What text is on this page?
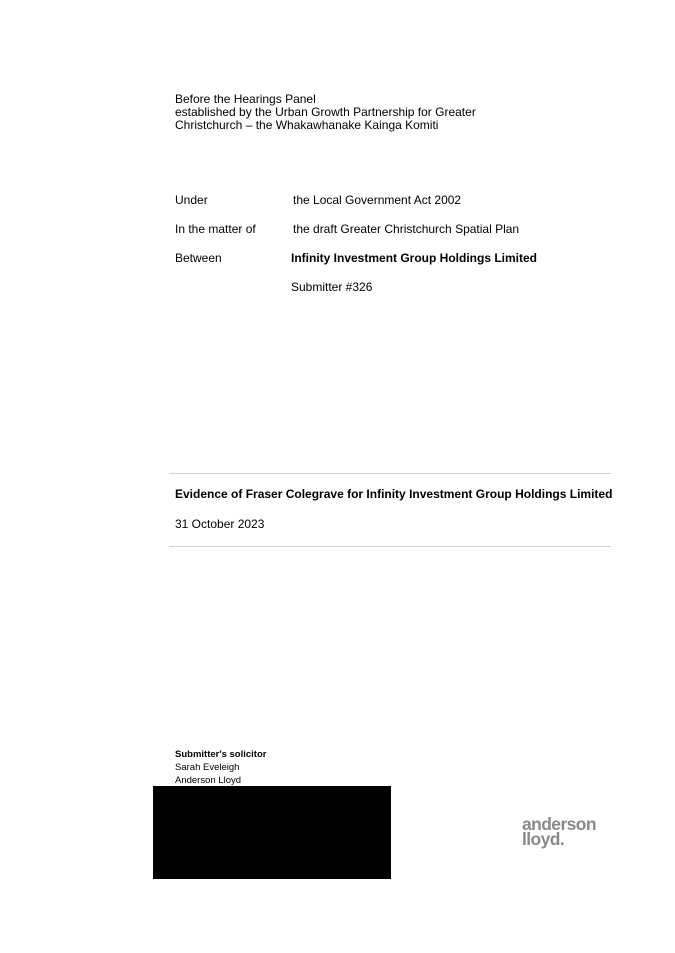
Before the Hearings Panel
established by the Urban Growth Partnership for Greater
Christchurch – the Whakawhanake Kainga Komiti
Under	the Local Government Act 2002
In the matter of	the draft Greater Christchurch Spatial Plan
Between	Infinity Investment Group Holdings Limited
Submitter #326
Evidence of Fraser Colegrave for Infinity Investment Group Holdings Limited
31 October 2023
Submitter's solicitor
Sarah Eveleigh
Anderson Lloyd
anderson
lloyd.
